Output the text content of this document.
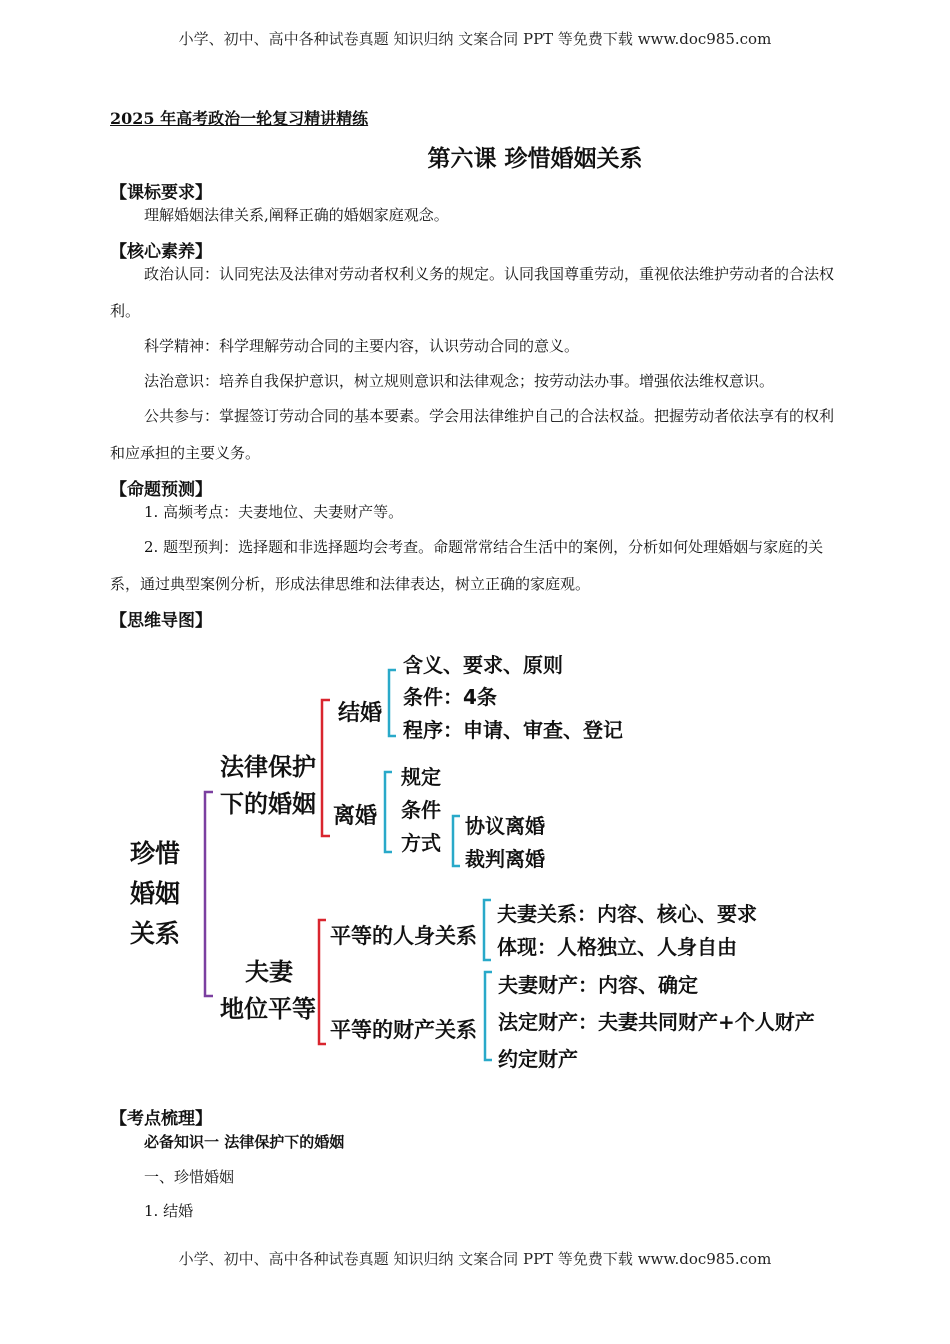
小学、初中、高中各种试卷真题 知识归纳 文案合同 PPT 等免费下载 www.doc985.com
2025 年高考政治一轮复习精讲精练
第六课 珍惜婚姻关系
【课标要求】
理解婚姻法律关系,阐释正确的婚姻家庭观念。
【核心素养】
政治认同：认同宪法及法律对劳动者权利义务的规定。认同我国尊重劳动，重视依法维护劳动者的合法权利。
科学精神：科学理解劳动合同的主要内容，认识劳动合同的意义。
法治意识：培养自我保护意识，树立规则意识和法律观念；按劳动法办事。增强依法维权意识。
公共参与：掌握签订劳动合同的基本要素。学会用法律维护自己的合法权益。把握劳动者依法享有的权利和应承担的主要义务。
【命题预测】
1. 高频考点：夫妻地位、夫妻财产等。
2. 题型预判：选择题和非选择题均会考查。命题常常结合生活中的案例，分析如何处理婚姻与家庭的关系，通过典型案例分析，形成法律思维和法律表达，树立正确的家庭观。
【思维导图】
珍惜
婚姻
关系
法律保护
下的婚姻
结婚
含义、要求、原则
条件：4条
程序：申请、审查、登记
离婚
规定
条件
方式
协议离婚
裁判离婚
夫妻
地位平等
平等的人身关系
夫妻关系：内容、核心、要求
体现：人格独立、人身自由
平等的财产关系
夫妻财产：内容、确定
法定财产：夫妻共同财产+个人财产
约定财产
【考点梳理】
必备知识一 法律保护下的婚姻
一、珍惜婚姻
1. 结婚
小学、初中、高中各种试卷真题 知识归纳 文案合同 PPT 等免费下载 www.doc985.com
